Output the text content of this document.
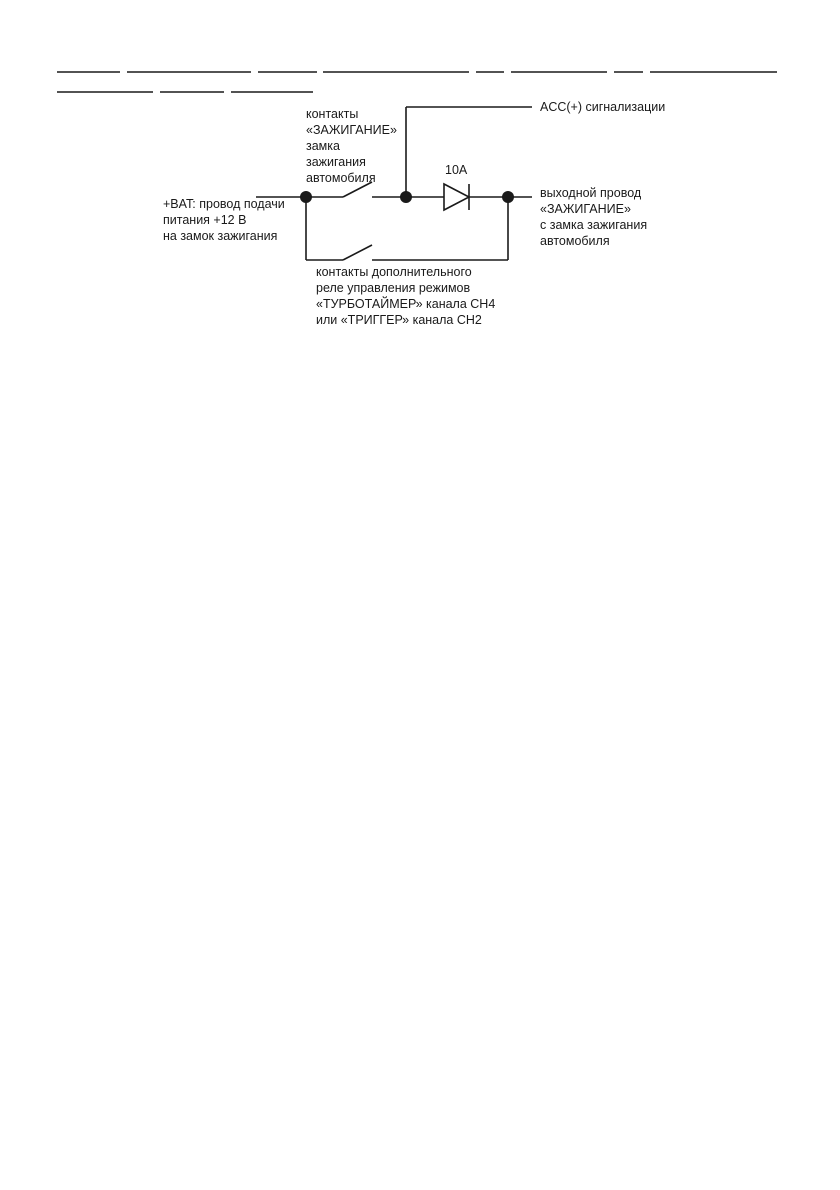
контакты «ЗАЖИГАНИЕ» замка зажигания автомобиля
ACC(+) сигнализации
10A
+BAT: провод подачи питания +12 В на замок зажигания
выходной провод «ЗАЖИГАНИЕ» с замка зажигания автомобиля
контакты дополнительного реле управления режимов «ТУРБОТАЙМЕР» канала CH4 или «ТРИГГЕР» канала CH2
